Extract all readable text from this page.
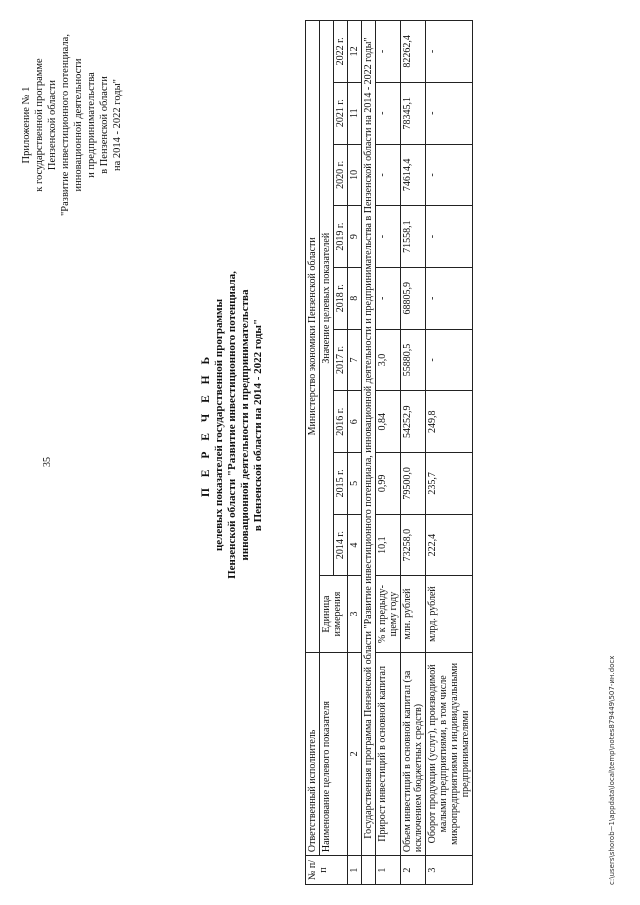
35
Приложение № 1 к государственной программе Пензенской области "Развитие инвестиционного потенциала, инновационной деятельности и предпринимательства в Пензенской области на 2014 - 2022 годы"
П Е Р Е Ч Е Н Ь целевых показателей государственной программы Пензенской области "Развитие инвестиционного потенциала, инновационной деятельности и предпринимательства в Пензенской области на 2014 - 2022 годы"
№ п/п	Ответственный исполнитель	Министерство экономики Пензенской области									
	Наименование целевого показателя	Единица измерения	Значение целевых показателей								
			2014 г.	2015 г.	2016 г.	2017 г.	2018 г.	2019 г.	2020 г.	2021 г.	2022 г.
1	2	3	4	5	6	7	8	9	10	11	12
	Государственная программа Пензенской области "Развитие инвестиционного потенциала, инновационной деятельности и предпринимательства в Пензенской области на 2014 - 2022 годы"										
1	Прирост инвестиций в основной капитал	% к предыду-щему году	10,1	0,99	0,84	3,0	-	-	-	-	-
2	Объем инвестиций в основной капитал (за исключением бюджетных средств)	млн. рублей	73258,0	79500,0	54252,9	55880,5	68805,9	71558,1	74614,4	78345,1	82262,4
3	Оборот продукции (услуг), производимой малыми предприятиями, в том числе микропредприятиями и индивидуальными предпринимателями	млрд. рублей	222,4	235,7	249,8	-	-	-	-	-	-
c:\users\shorob~1\appdata\local\temp\notes879449\507-ин.docx
